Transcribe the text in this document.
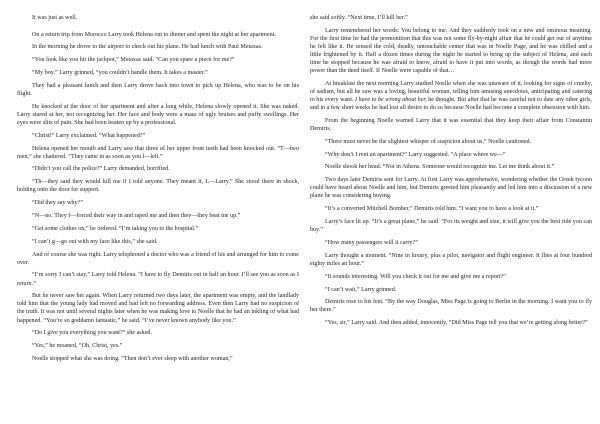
It was just as well.

On a return trip from Morocco Larry took Helena out to dinner and spent the night at her apartment.

In the morning he drove to the airport to check out his plane. He had lunch with Paul Metaxas.

“You look like you hit the jackpot,” Metaxas said. “Can you spare a piece for me?”

“My boy,” Larry grinned, “you couldn’t handle them. It takes a master.”

They had a pleasant lunch and then Larry drove back into town to pick up Helena, who was to be on his flight.

He knocked at the door of her apartment and after a long while, Helena slowly opened it. She was naked. Larry stared at her, not recognizing her. Her face and body were a mass of ugly bruises and puffy swellings. Her eyes were slits of pain. She had been beaten up by a professional.

“Christ!” Larry exclaimed. “What happened?”

Helena opened her mouth and Larry saw that three of her upper front teeth had been knocked out. “T—two men,” she chattered. “They came in as soon as you l—left.”

“Didn’t you call the police?” Larry demanded, horrified.

“Th—they said they would kill me if I told anyone. They meant it, L—Larry.” She stood there in shock, holding onto the door for support.

“Did they say why?”

“N—no. They f—forced their way in and raped me and then they—they beat me up.”

“Get some clothes on,” he ordered. “I’m taking you to the hospital.”

“I can’t g—go out with my face like this,” she said.

And of course she was right. Larry telephoned a doctor who was a friend of his and arranged for him to come over.

“I’m sorry I can’t stay,” Larry told Helena. “I have to fly Demiris out in half an hour. I’ll see you as soon as I return.”

But he never saw her again. When Larry returned two days later, the apartment was empty, and the landlady told him that the young lady had moved and had left no forwarding address. Even then Larry had no suspicion of the truth. It was not until several nights later when he was making love to Noelle that he had an inkling of what had happened. “You’re so goddamn fantastic,” he said. “I’ve never known anybody like you.”

“Do I give you everything you want?” she asked.

“Yes,” he moaned, “Oh, Christ, yes.”

Noelle stopped what she was doing. “Then don’t ever sleep with another woman,”

she said softly. “Next time, I’ll kill her.”

Larry remembered her words: You belong to me. And they suddenly took on a new and ominous meaning. For the first time he had the premonition that this was not some fly-by-night affair that he could get out of anytime he felt like it. He sensed the cold, deadly, untouchable center that was in Noelle Page, and he was chilled and a little frightened by it. Half a dozen times during the night he started to bring up the subject of Helena, and each time he stopped because he was afraid to know, afraid to have it put into words, as though the words had more power than the deed itself. If Noelle were capable of that…

At breakfast the next morning Larry studied Noelle when she was unaware of it, looking for signs of cruelty, of sadism, but all he saw was a loving, beautiful woman, telling him amusing anecdotes, anticipating and catering to his every want. I have to be wrong about her, he thought. But after that he was careful not to date any other girls, and in a few short weeks he had lost all desire to do so because Noelle had become a complete obsession with him.

From the beginning Noelle warned Larry that it was essential that they keep their affair from Constantin Demiris.

“There must never be the slightest whisper of suspicion about us,” Noelle cautioned.

“Why don’t I rent an apartment?” Larry suggested. “A place where we—”

Noelle shook her head. “Not in Athens. Someone would recognize me. Let me think about it.”

Two days later Demiris sent for Larry. At first Larry was apprehensive, wondering whether the Greek tycoon could have heard about Noelle and him, but Demiris greeted him pleasantly and led him into a discussion of a new plane he was considering buying.

“It’s a converted Mitchell Bomber,” Demiris told him. “I want you to have a look at it.”

Larry’s face lit up. “It’s a great plane,” he said. “For its weight and size, it will give you the best ride you can buy.”

“How many passengers will it carry?”

Larry thought a moment. “Nine in luxury, plus a pilot, navigator and flight engineer. It flies at four hundred eighty miles an hour.”

“It sounds interesting. Will you check it out for me and give me a report?”

“I can’t wait,” Larry grinned.

Demiris rose to his feet. “By the way Douglas, Miss Page is going to Berlin in the morning. I want you to fly her there.”

“Yes, sir,” Larry said. And then added, innocently, “Did Miss Page tell you that we’re getting along better?”
